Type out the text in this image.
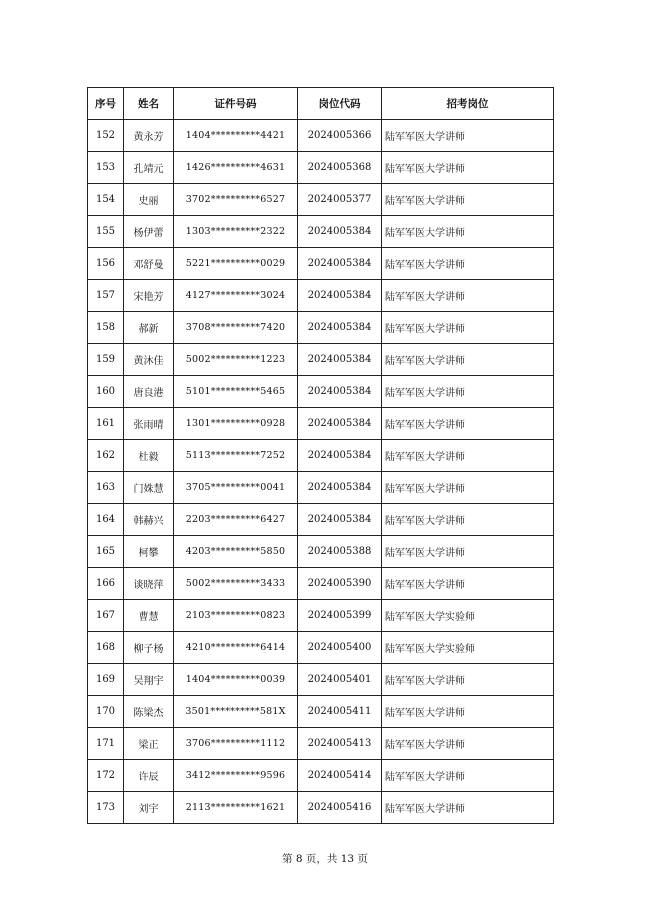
序号	姓名	证件号码	岗位代码	招考岗位
152	黄永芳	1404**********4421	2024005366	陆军军医大学讲师
153	孔靖元	1426**********4631	2024005368	陆军军医大学讲师
154	史丽	3702**********6527	2024005377	陆军军医大学讲师
155	杨伊蕾	1303**********2322	2024005384	陆军军医大学讲师
156	邓舒曼	5221**********0029	2024005384	陆军军医大学讲师
157	宋艳芳	4127**********3024	2024005384	陆军军医大学讲师
158	郝新	3708**********7420	2024005384	陆军军医大学讲师
159	黄沐佳	5002**********1223	2024005384	陆军军医大学讲师
160	唐良港	5101**********5465	2024005384	陆军军医大学讲师
161	张雨晴	1301**********0928	2024005384	陆军军医大学讲师
162	杜毅	5113**********7252	2024005384	陆军军医大学讲师
163	门姝慧	3705**********0041	2024005384	陆军军医大学讲师
164	韩赫兴	2203**********6427	2024005384	陆军军医大学讲师
165	柯攀	4203**********5850	2024005388	陆军军医大学讲师
166	谈晓萍	5002**********3433	2024005390	陆军军医大学讲师
167	曹慧	2103**********0823	2024005399	陆军军医大学实验师
168	柳子杨	4210**********6414	2024005400	陆军军医大学实验师
169	吴翔宇	1404**********0039	2024005401	陆军军医大学讲师
170	陈梁杰	3501**********581X	2024005411	陆军军医大学讲师
171	梁正	3706**********1112	2024005413	陆军军医大学讲师
172	许辰	3412**********9596	2024005414	陆军军医大学讲师
173	刘宇	2113**********1621	2024005416	陆军军医大学讲师
第 8 页，共 13 页
